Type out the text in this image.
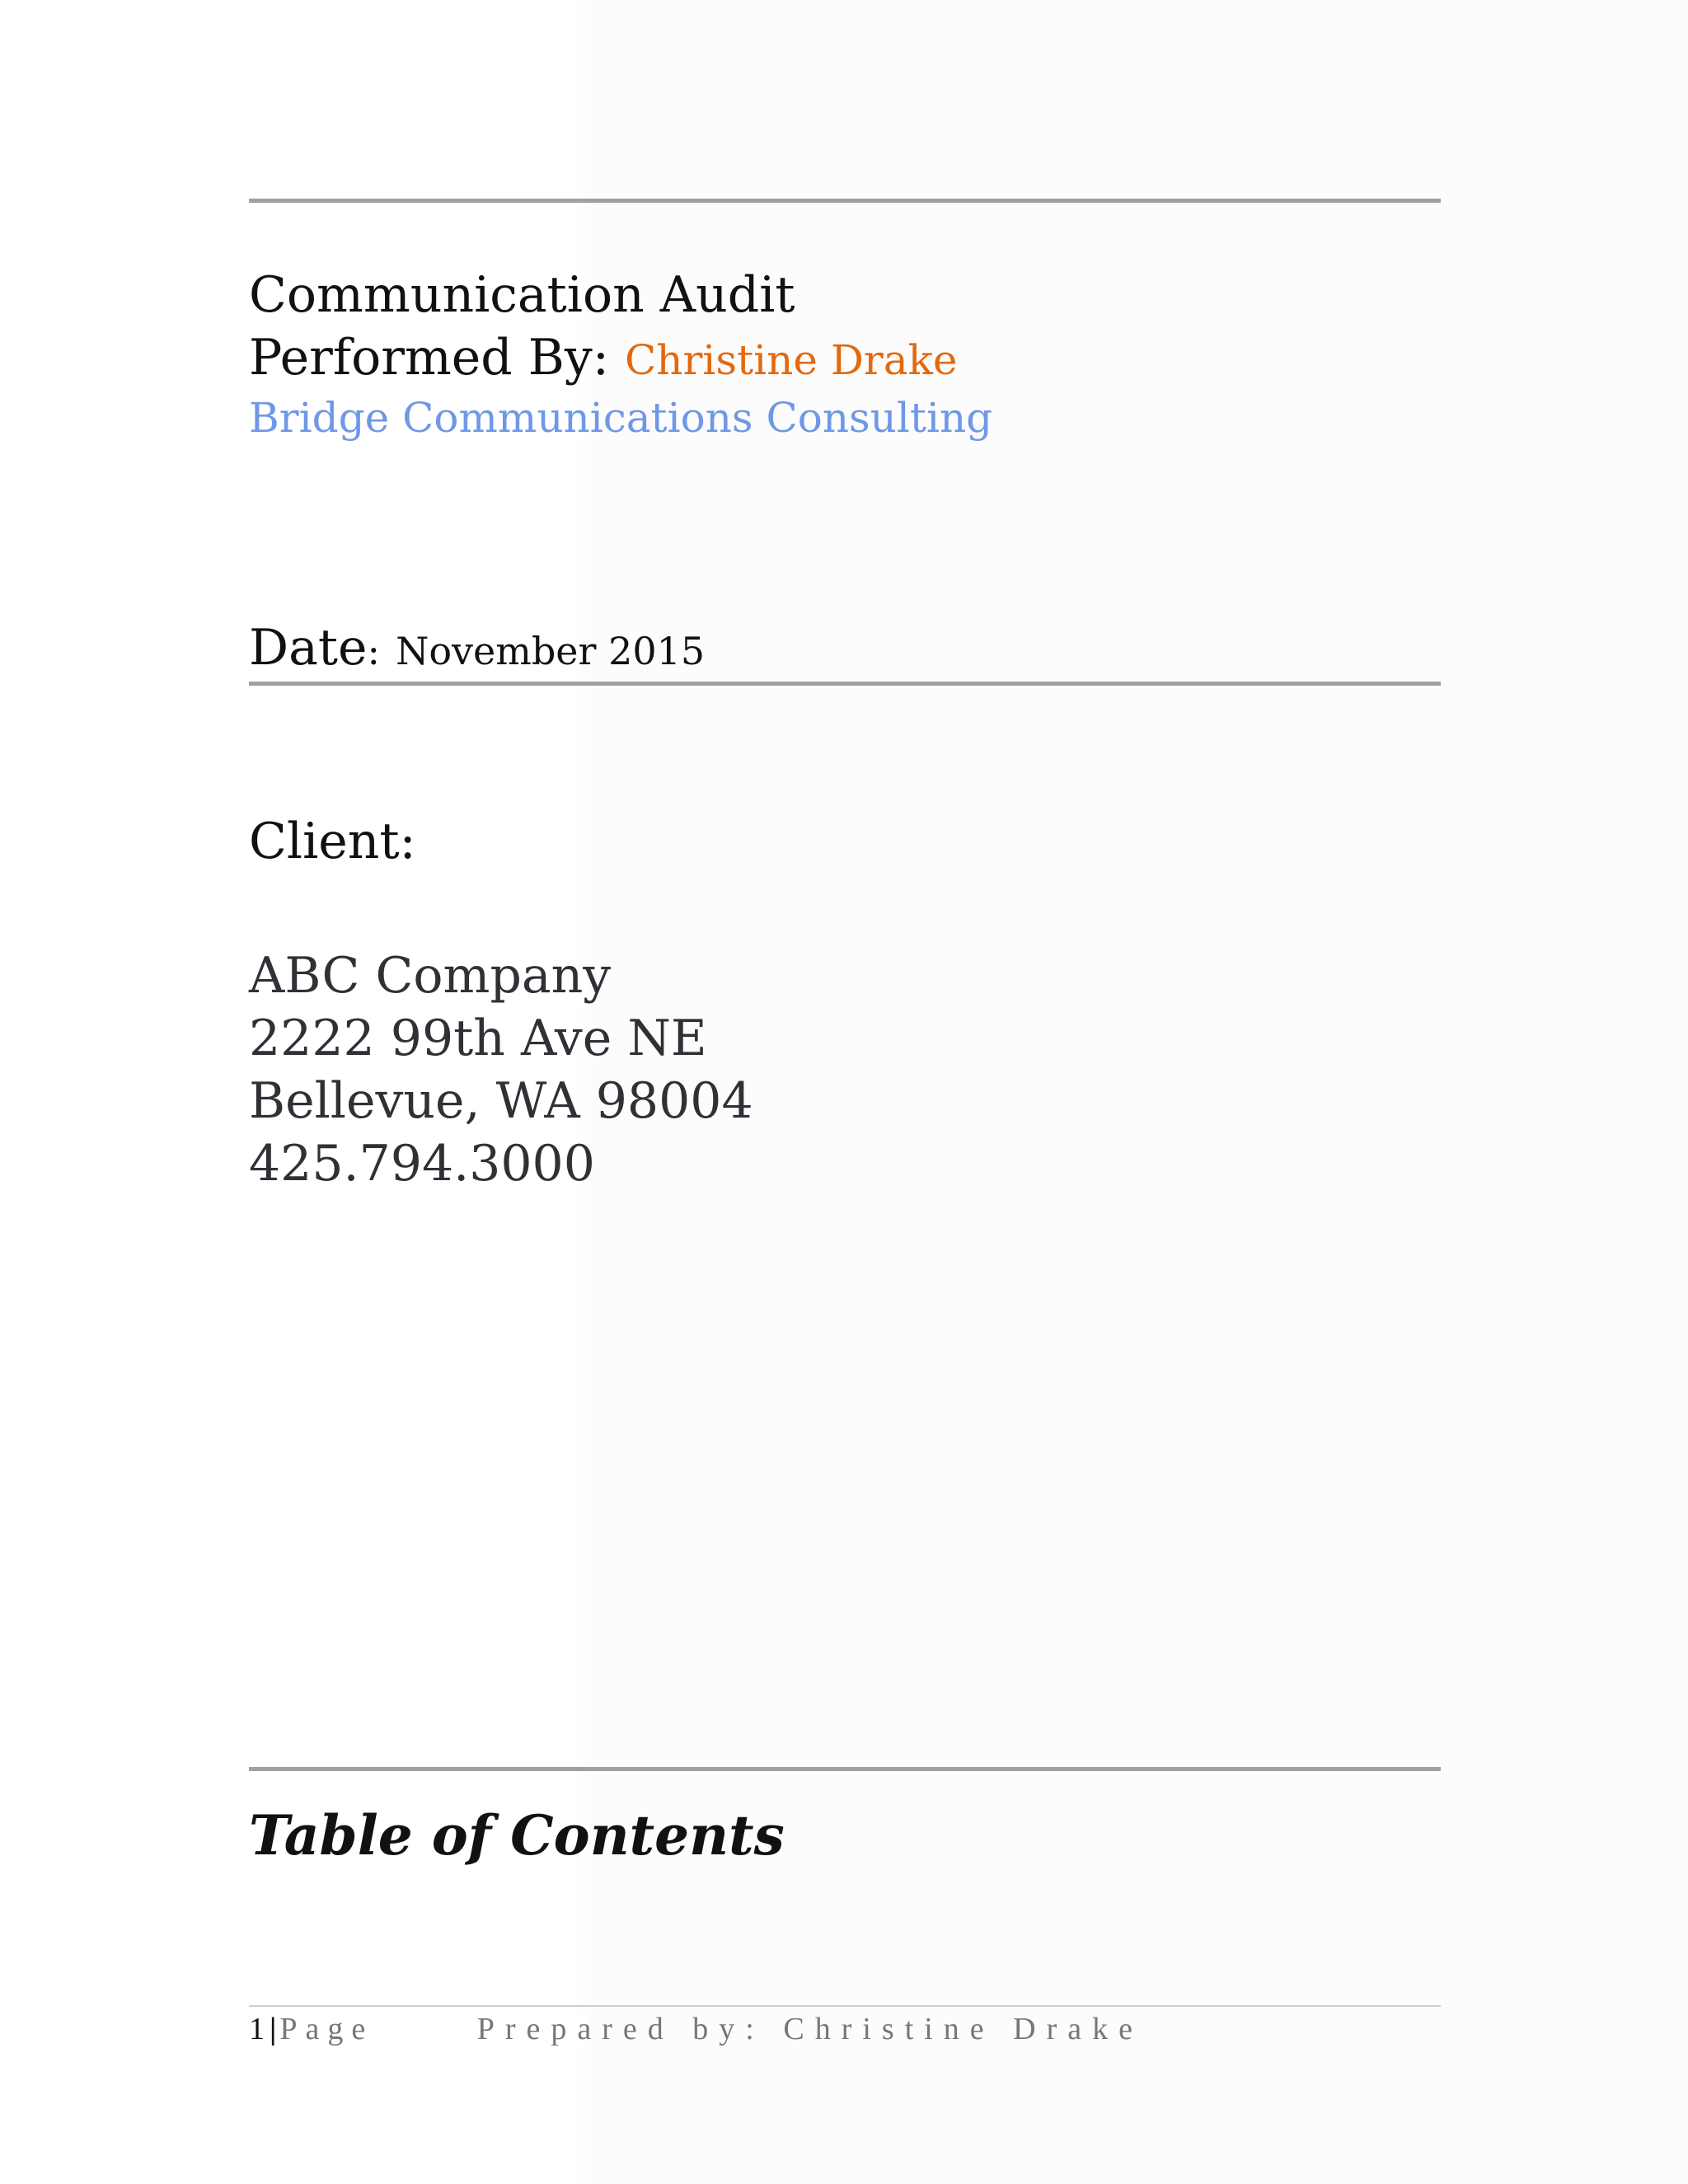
Communication Audit
Performed By: Christine Drake
Bridge Communications Consulting
Date: November 2015
Client:
ABC Company
2222 99th Ave NE
Bellevue, WA 98004
425.794.3000
Table of Contents
1 | Page	Prepared by: Christine Drake
